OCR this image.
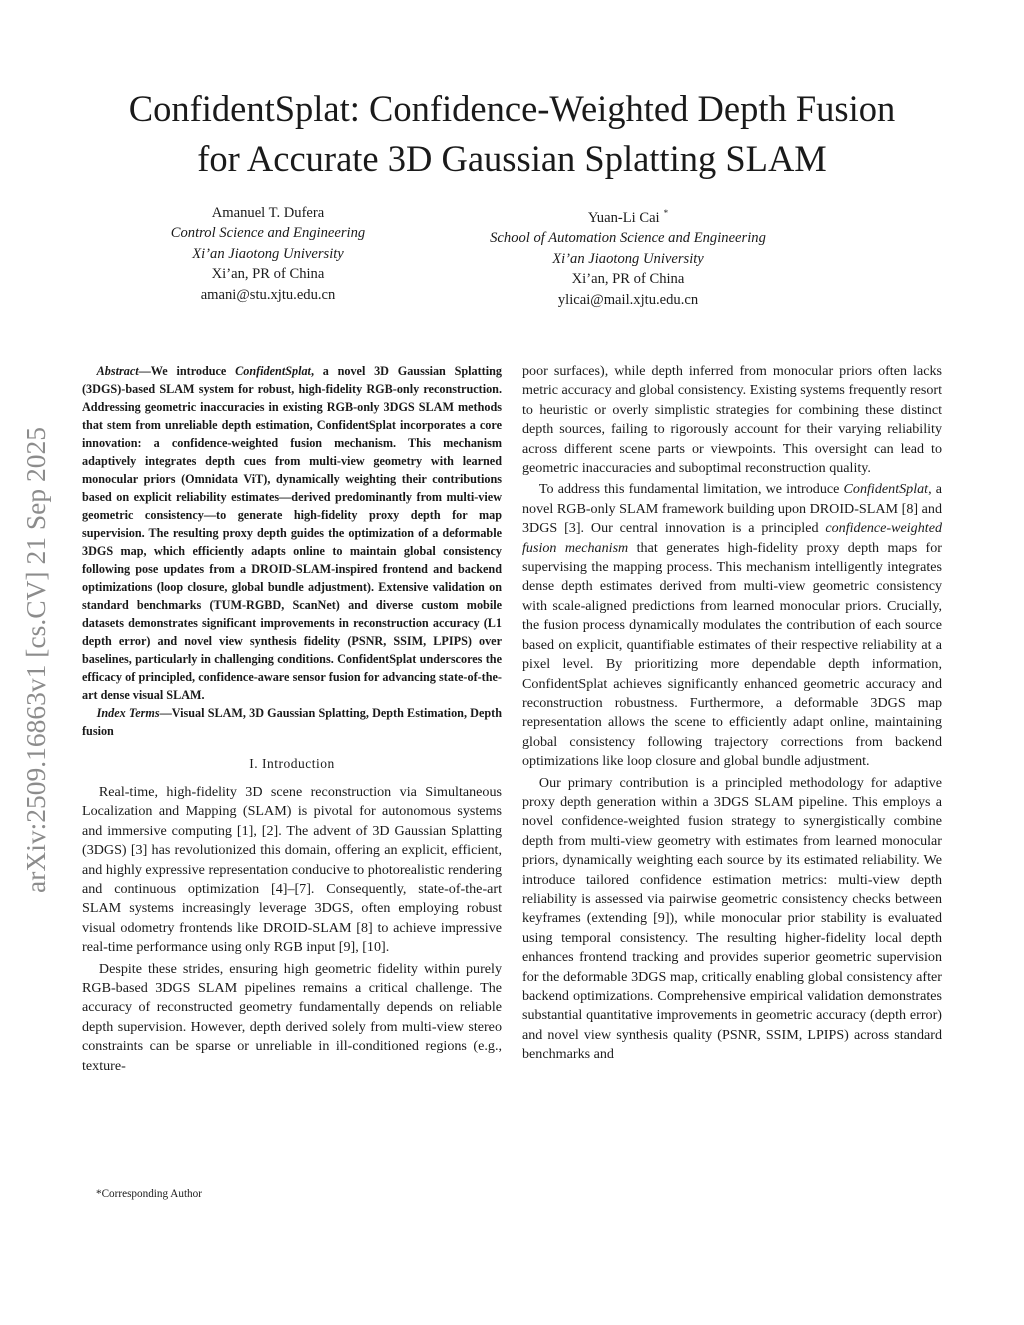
ConfidentSplat: Confidence-Weighted Depth Fusion
for Accurate 3D Gaussian Splatting SLAM
Amanuel T. Dufera
Control Science and Engineering
Xi’an Jiaotong University
Xi’an, PR of China
amani@stu.xjtu.edu.cn
Yuan-Li Cai *
School of Automation Science and Engineering
Xi’an Jiaotong University
Xi’an, PR of China
ylicai@mail.xjtu.edu.cn
arXiv:2509.16863v1 [cs.CV] 21 Sep 2025

Abstract—We introduce ConfidentSplat, a novel 3D Gaussian Splatting (3DGS)-based SLAM system for robust, high-fidelity RGB-only reconstruction. Addressing geometric inaccuracies in existing RGB-only 3DGS SLAM methods that stem from unreliable depth estimation, ConfidentSplat incorporates a core innovation: a confidence-weighted fusion mechanism. This mechanism adaptively integrates depth cues from multi-view geometry with learned monocular priors (Omnidata ViT), dynamically weighting their contributions based on explicit reliability estimates—derived predominantly from multi-view geometric consistency—to generate high-fidelity proxy depth for map supervision. The resulting proxy depth guides the optimization of a deformable 3DGS map, which efficiently adapts online to maintain global consistency following pose updates from a DROID-SLAM-inspired frontend and backend optimizations (loop closure, global bundle adjustment). Extensive validation on standard benchmarks (TUM-RGBD, ScanNet) and diverse custom mobile datasets demonstrates significant improvements in reconstruction accuracy (L1 depth error) and novel view synthesis fidelity (PSNR, SSIM, LPIPS) over baselines, particularly in challenging conditions. ConfidentSplat underscores the efficacy of principled, confidence-aware sensor fusion for advancing state-of-the-art dense visual SLAM.

Index Terms—Visual SLAM, 3D Gaussian Splatting, Depth Estimation, Depth fusion

I. Introduction

Real-time, high-fidelity 3D scene reconstruction via Simultaneous Localization and Mapping (SLAM) is pivotal for autonomous systems and immersive computing [1], [2]. The advent of 3D Gaussian Splatting (3DGS) [3] has revolutionized this domain, offering an explicit, efficient, and highly expressive representation conducive to photorealistic rendering and continuous optimization [4]–[7]. Consequently, state-of-the-art SLAM systems increasingly leverage 3DGS, often employing robust visual odometry frontends like DROID-SLAM [8] to achieve impressive real-time performance using only RGB input [9], [10].

Despite these strides, ensuring high geometric fidelity within purely RGB-based 3DGS SLAM pipelines remains a critical challenge. The accuracy of reconstructed geometry fundamentally depends on reliable depth supervision. However, depth derived solely from multi-view stereo constraints can be sparse or unreliable in ill-conditioned regions (e.g., texture-

poor surfaces), while depth inferred from monocular priors often lacks metric accuracy and global consistency. Existing systems frequently resort to heuristic or overly simplistic strategies for combining these distinct depth sources, failing to rigorously account for their varying reliability across different scene parts or viewpoints. This oversight can lead to geometric inaccuracies and suboptimal reconstruction quality.

To address this fundamental limitation, we introduce ConfidentSplat, a novel RGB-only SLAM framework building upon DROID-SLAM [8] and 3DGS [3]. Our central innovation is a principled confidence-weighted fusion mechanism that generates high-fidelity proxy depth maps for supervising the mapping process. This mechanism intelligently integrates dense depth estimates derived from multi-view geometric consistency with scale-aligned predictions from learned monocular priors. Crucially, the fusion process dynamically modulates the contribution of each source based on explicit, quantifiable estimates of their respective reliability at a pixel level. By prioritizing more dependable depth information, ConfidentSplat achieves significantly enhanced geometric accuracy and reconstruction robustness. Furthermore, a deformable 3DGS map representation allows the scene to efficiently adapt online, maintaining global consistency following trajectory corrections from backend optimizations like loop closure and global bundle adjustment.

Our primary contribution is a principled methodology for adaptive proxy depth generation within a 3DGS SLAM pipeline. This employs a novel confidence-weighted fusion strategy to synergistically combine depth from multi-view geometry with estimates from learned monocular priors, dynamically weighting each source by its estimated reliability. We introduce tailored confidence estimation metrics: multi-view depth reliability is assessed via pairwise geometric consistency checks between keyframes (extending [9]), while monocular prior stability is evaluated using temporal consistency. The resulting higher-fidelity local depth enhances frontend tracking and provides superior geometric supervision for the deformable 3DGS map, critically enabling global consistency after backend optimizations. Comprehensive empirical validation demonstrates substantial quantitative improvements in geometric accuracy (depth error) and novel view synthesis quality (PSNR, SSIM, LPIPS) across standard benchmarks and

*Corresponding Author
